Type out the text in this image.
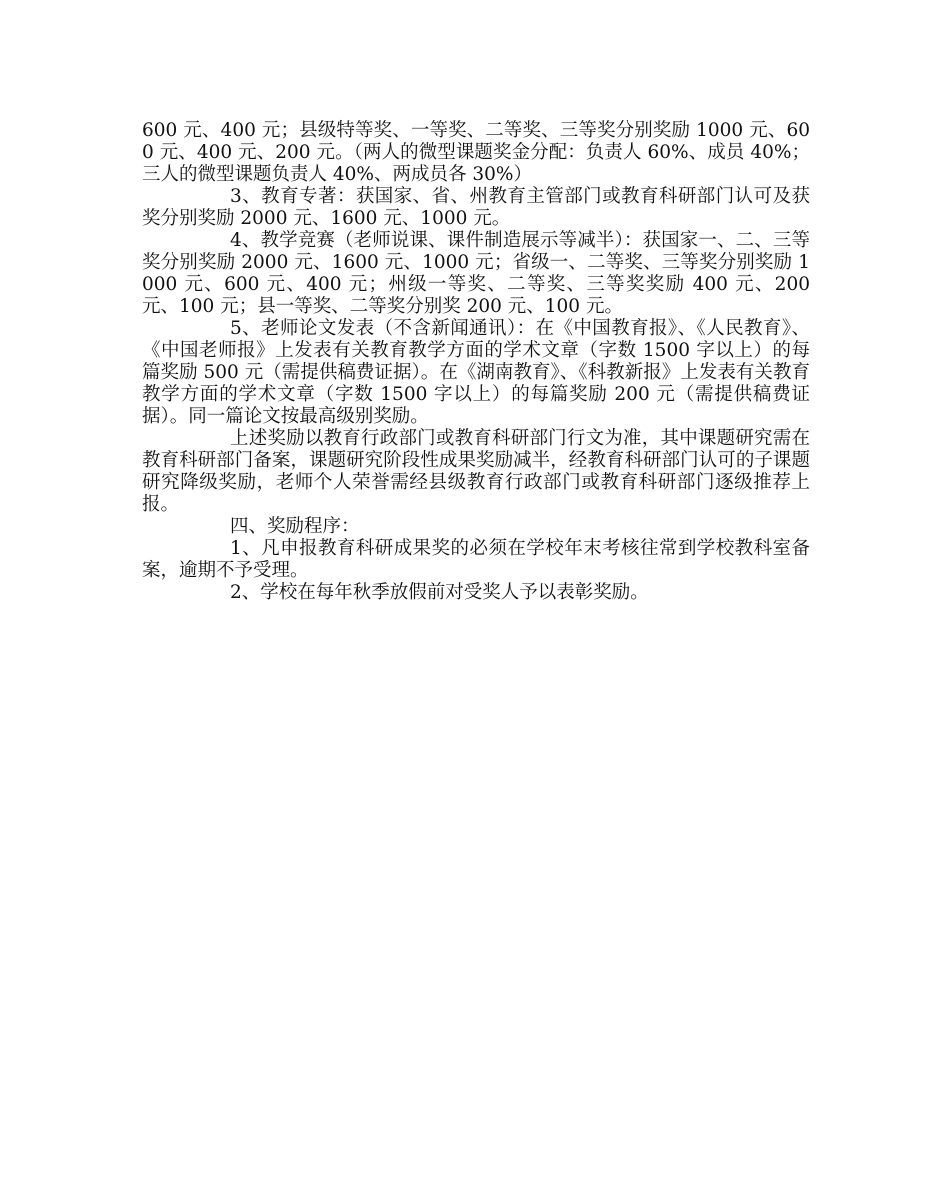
600 元、400 元；县级特等奖、一等奖、二等奖、三等奖分别奖励 1000 元、600 元、400 元、200 元。（两人的微型课题奖金分配：负责人 60%、成员 40%；三人的微型课题负责人 40%、两成员各 30%）

3、教育专著：获国家、省、州教育主管部门或教育科研部门认可及获奖分别奖励 2000 元、1600 元、1000 元。

4、教学竞赛（老师说课、课件制造展示等减半）：获国家一、二、三等奖分别奖励 2000 元、1600 元、1000 元；省级一、二等奖、三等奖分别奖励 1000 元、600 元、400 元；州级一等奖、二等奖、三等奖奖励 400 元、200 元、100 元；县一等奖、二等奖分别奖 200 元、100 元。

5、老师论文发表（不含新闻通讯）：在《中国教育报》、《人民教育》、《中国老师报》上发表有关教育教学方面的学术文章（字数 1500 字以上）的每篇奖励 500 元（需提供稿费证据）。在《湖南教育》、《科教新报》上发表有关教育教学方面的学术文章（字数 1500 字以上）的每篇奖励 200 元（需提供稿费证据）。同一篇论文按最高级别奖励。

上述奖励以教育行政部门或教育科研部门行文为准，其中课题研究需在教育科研部门备案，课题研究阶段性成果奖励减半，经教育科研部门认可的子课题研究降级奖励，老师个人荣誉需经县级教育行政部门或教育科研部门逐级推荐上报。

四、奖励程序：

1、凡申报教育科研成果奖的必须在学校年末考核往常到学校教科室备案，逾期不予受理。

2、学校在每年秋季放假前对受奖人予以表彰奖励。
